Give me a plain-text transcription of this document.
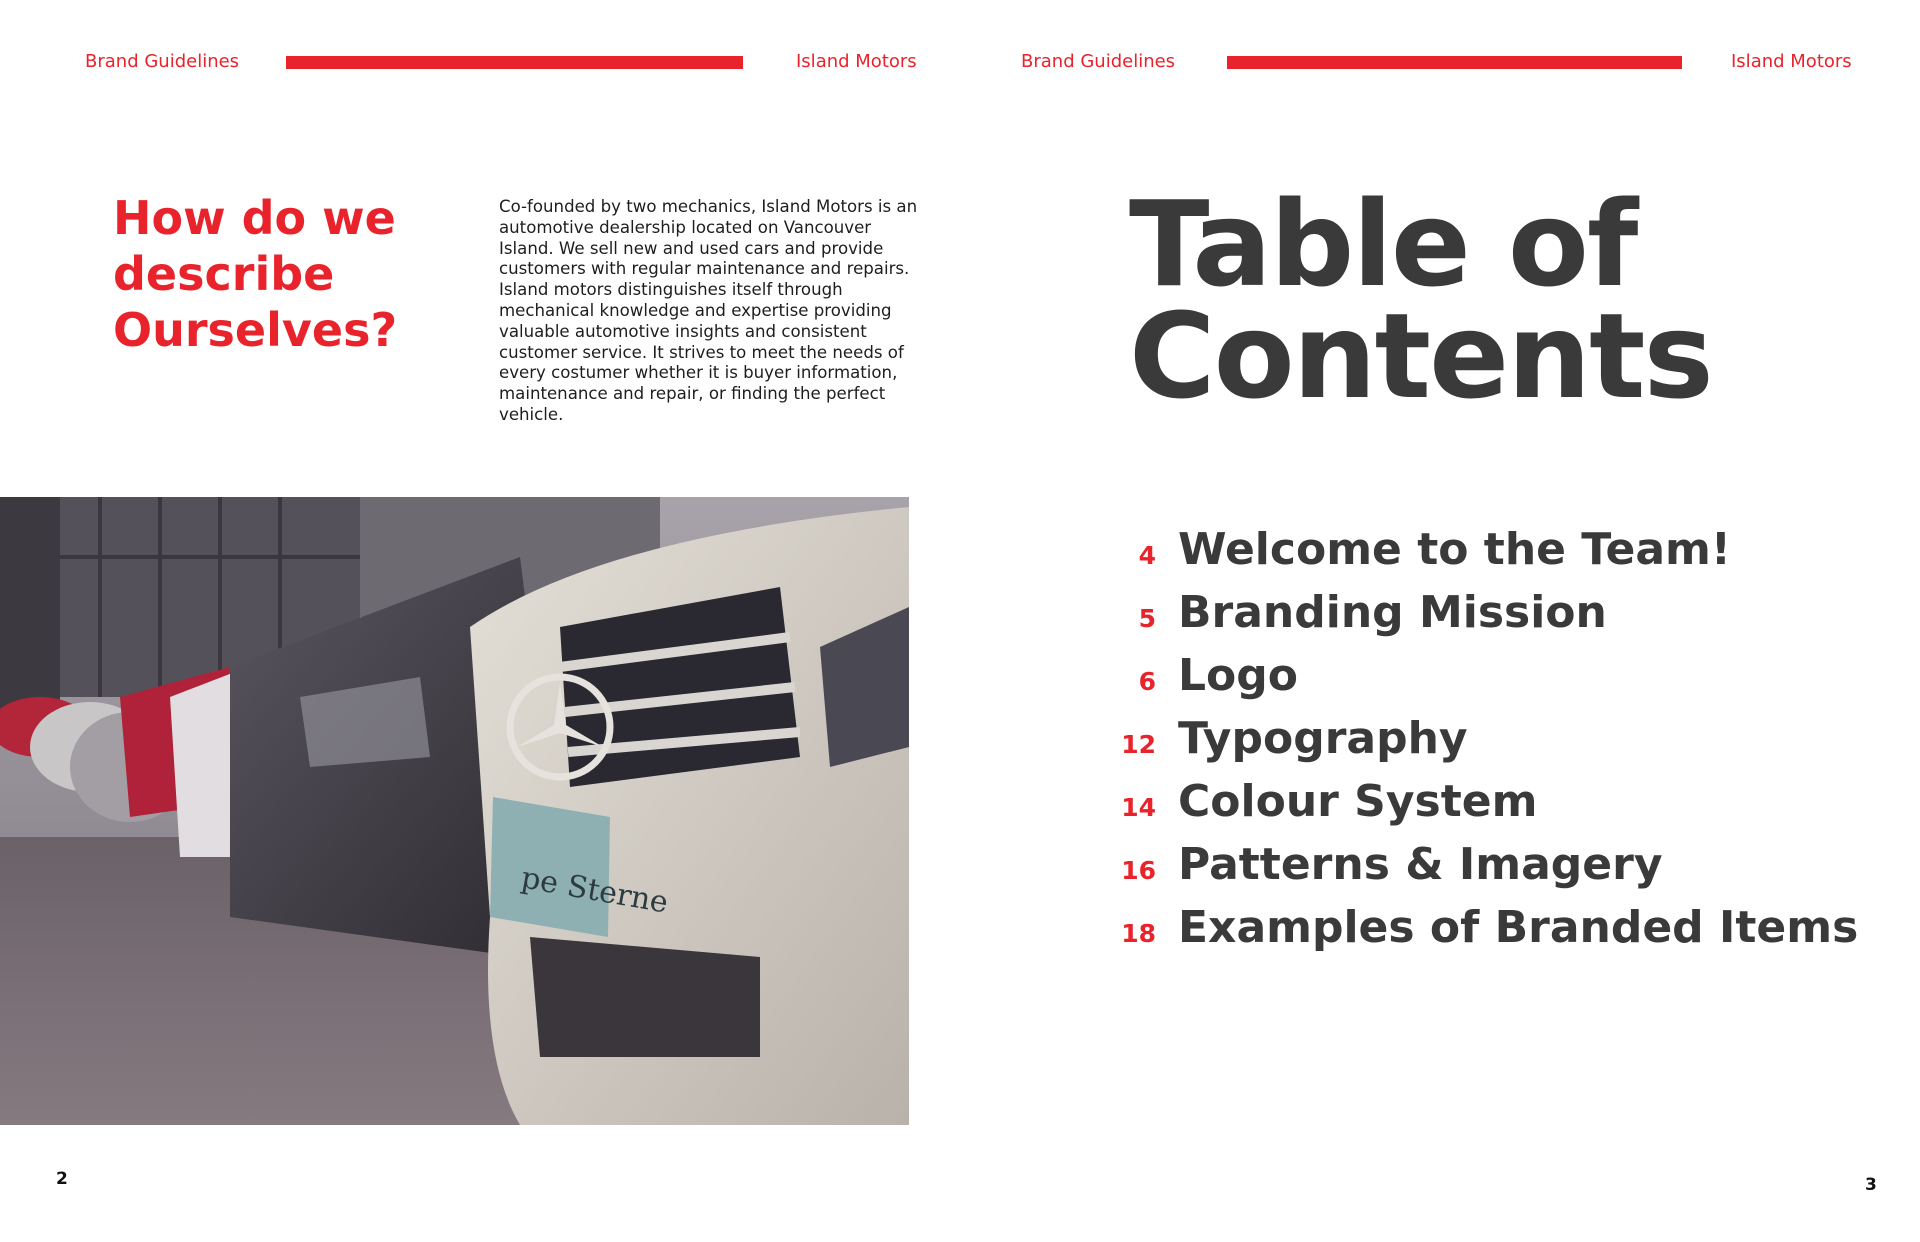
Brand Guidelines	Island Motors
How do we describe Ourselves?
Co-founded by two mechanics, Island Motors is an automotive dealership located on Vancouver Island. We sell new and used cars and provide customers with regular maintenance and repairs. Island motors distinguishes itself through mechanical knowledge and expertise providing valuable automotive insights and consistent customer service. It strives to meet the needs of every costumer whether it is buyer information, maintenance and repair, or finding the perfect vehicle.
pe Sterne
2
Brand Guidelines	Island Motors
Table of Contents
4 Welcome to the Team!
5 Branding Mission
6 Logo
12 Typography
14 Colour System
16 Patterns & Imagery
18 Examples of Branded Items
3
